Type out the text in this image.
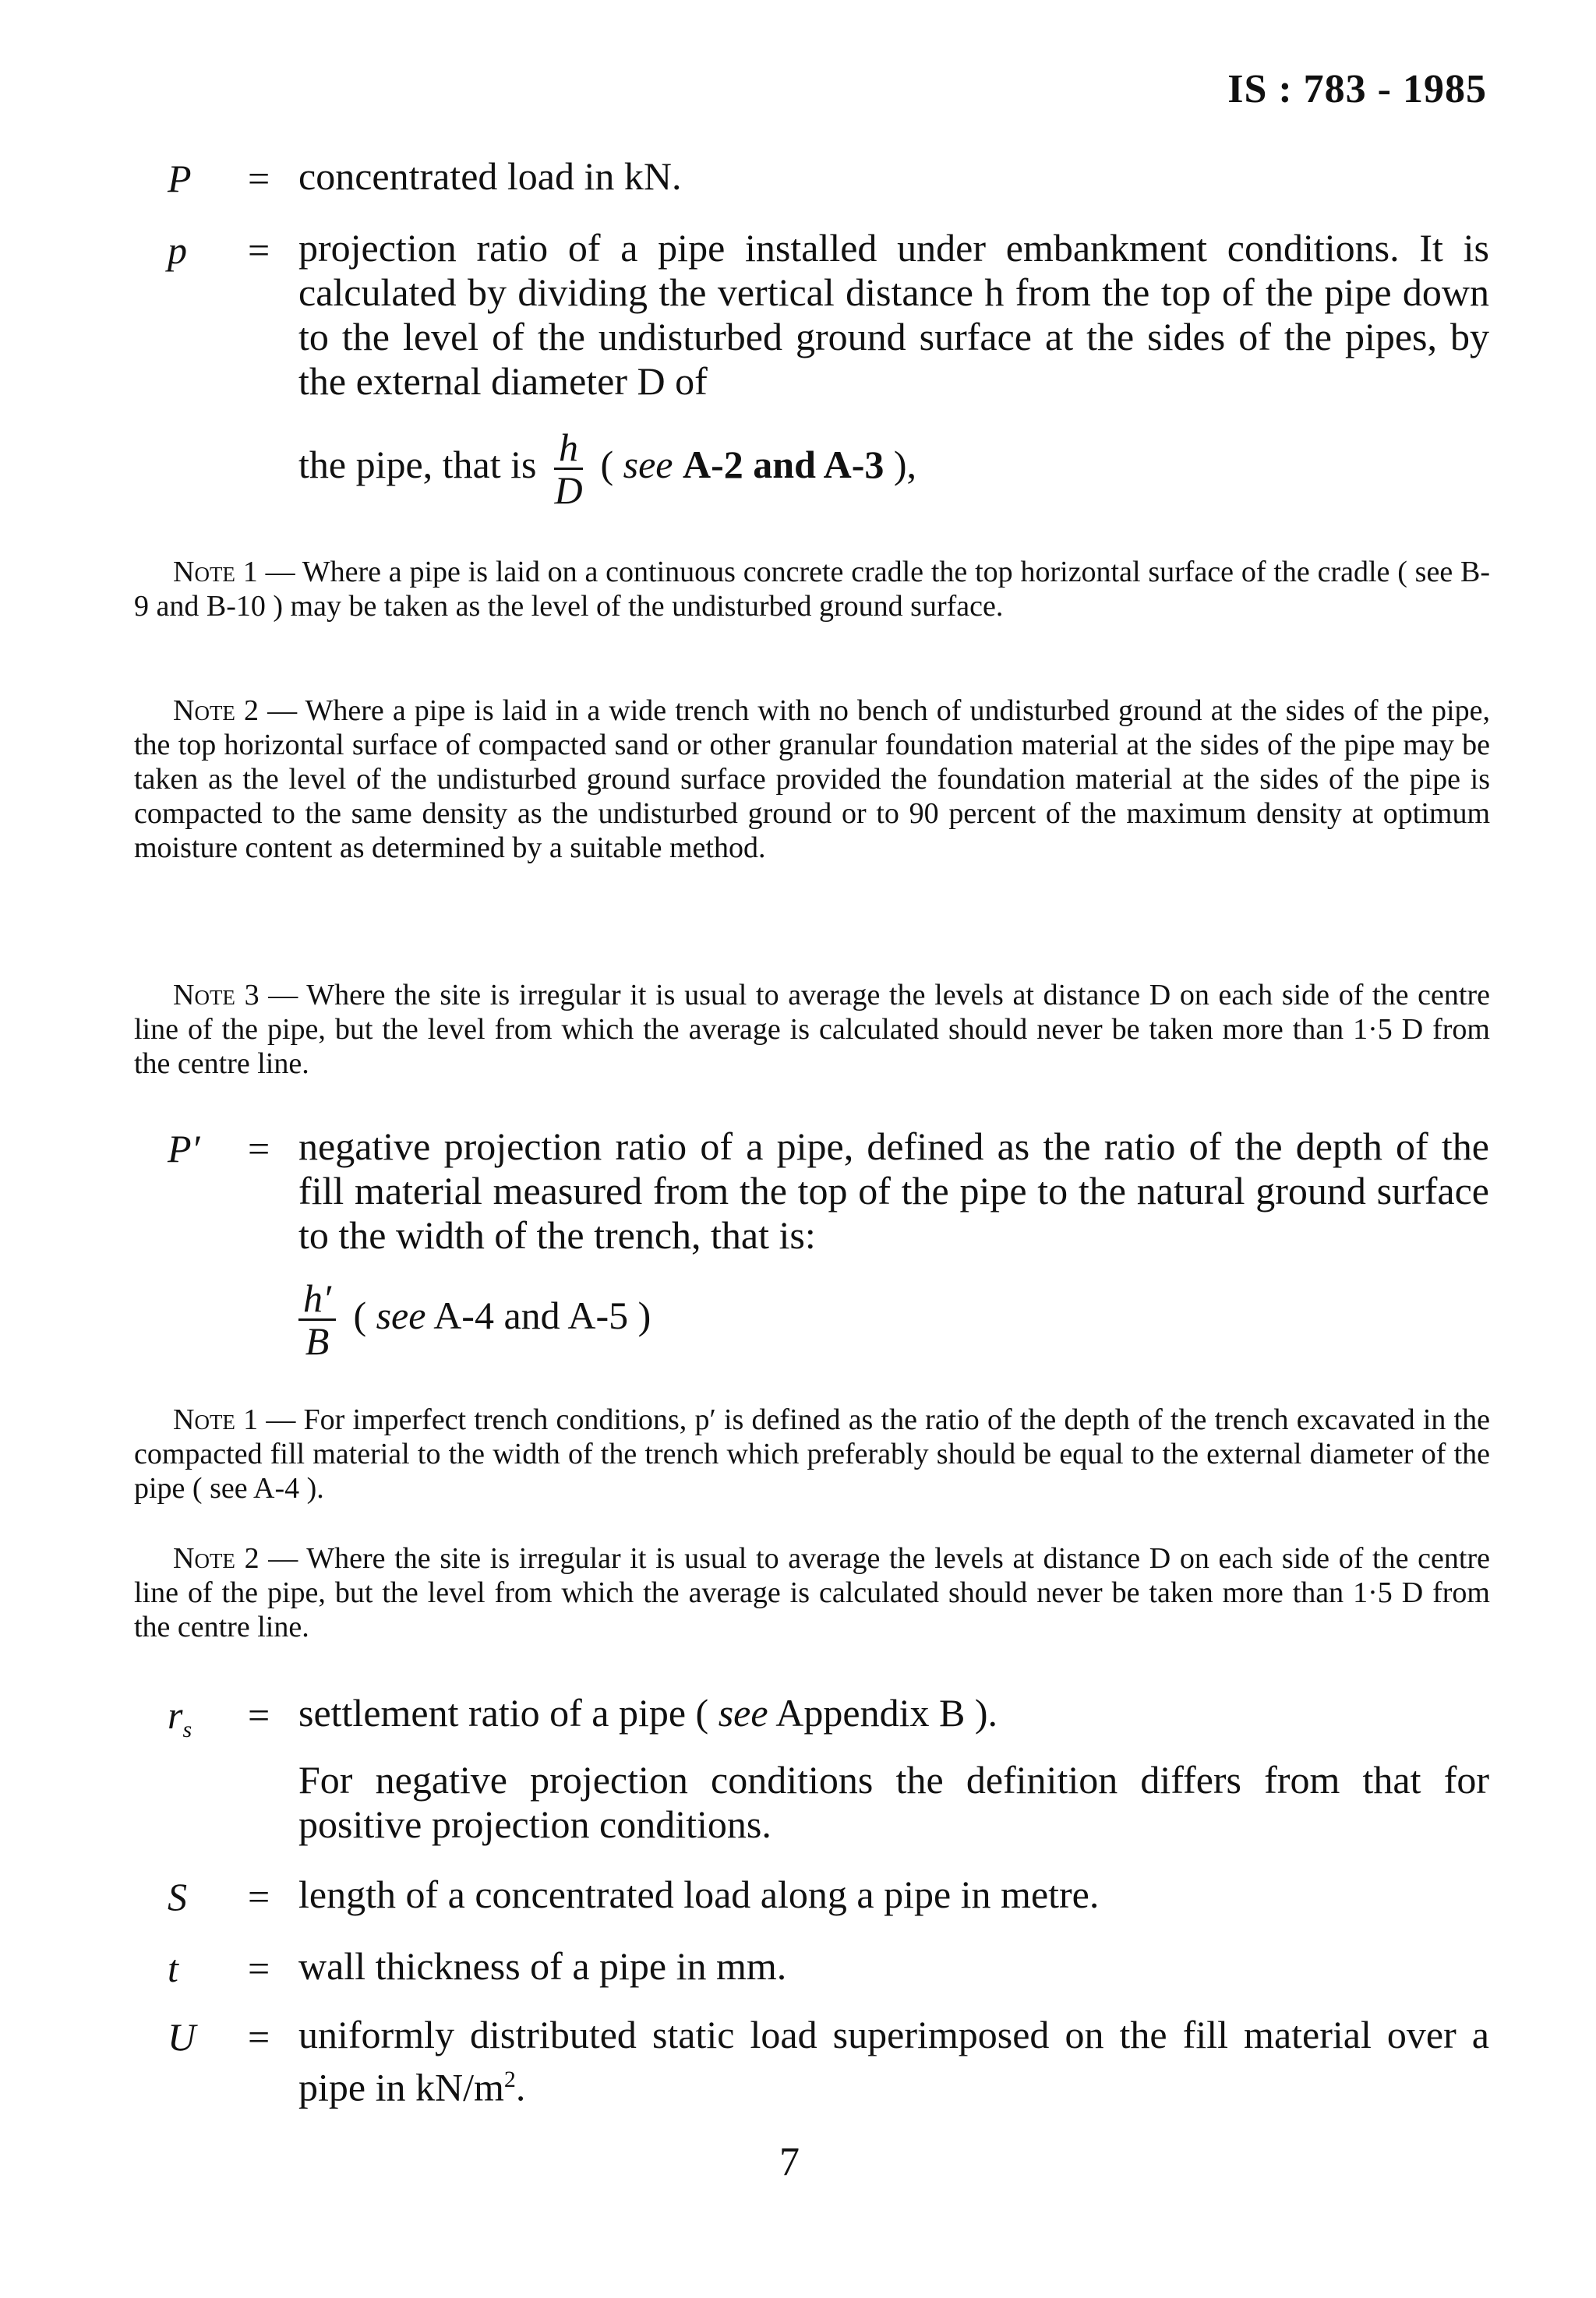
IS : 783 - 1985
P = concentrated load in kN.
p = projection ratio of a pipe installed under embankment conditions. It is calculated by dividing the vertical distance h from the top of the pipe down to the level of the undisturbed ground surface at the sides of the pipes, by the external diameter D of
the pipe, that is $\frac{h}{D}$ ( see A-2 and A-3 ),
Note 1 — Where a pipe is laid on a continuous concrete cradle the top horizontal surface of the cradle ( see B-9 and B-10 ) may be taken as the level of the undisturbed ground surface.
Note 2 — Where a pipe is laid in a wide trench with no bench of undisturbed ground at the sides of the pipe, the top horizontal surface of compacted sand or other granular foundation material at the sides of the pipe may be taken as the level of the undisturbed ground surface provided the foundation material at the sides of the pipe is compacted to the same density as the undisturbed ground or to 90 percent of the maximum density at optimum moisture content as determined by a suitable method.
Note 3 — Where the site is irregular it is usual to average the levels at distance D on each side of the centre line of the pipe, but the level from which the average is calculated should never be taken more than 1·5 D from the centre line.
P′ = negative projection ratio of a pipe, defined as the ratio of the depth of the fill material measured from the top of the pipe to the natural ground surface to the width of the trench, that is:
$\frac{h'}{B}$ ( see A-4 and A-5 )
Note 1 — For imperfect trench conditions, p′ is defined as the ratio of the depth of the trench excavated in the compacted fill material to the width of the trench which preferably should be equal to the external diameter of the pipe ( see A-4 ).
Note 2 — Where the site is irregular it is usual to average the levels at distance D on each side of the centre line of the pipe, but the level from which the average is calculated should never be taken more than 1·5 D from the centre line.
$r_s$ = settlement ratio of a pipe ( see Appendix B ).
For negative projection conditions the definition differs from that for positive projection conditions.
S = length of a concentrated load along a pipe in metre.
t = wall thickness of a pipe in mm.
U = uniformly distributed static load superimposed on the fill material over a pipe in $kN/m^2$.
7
